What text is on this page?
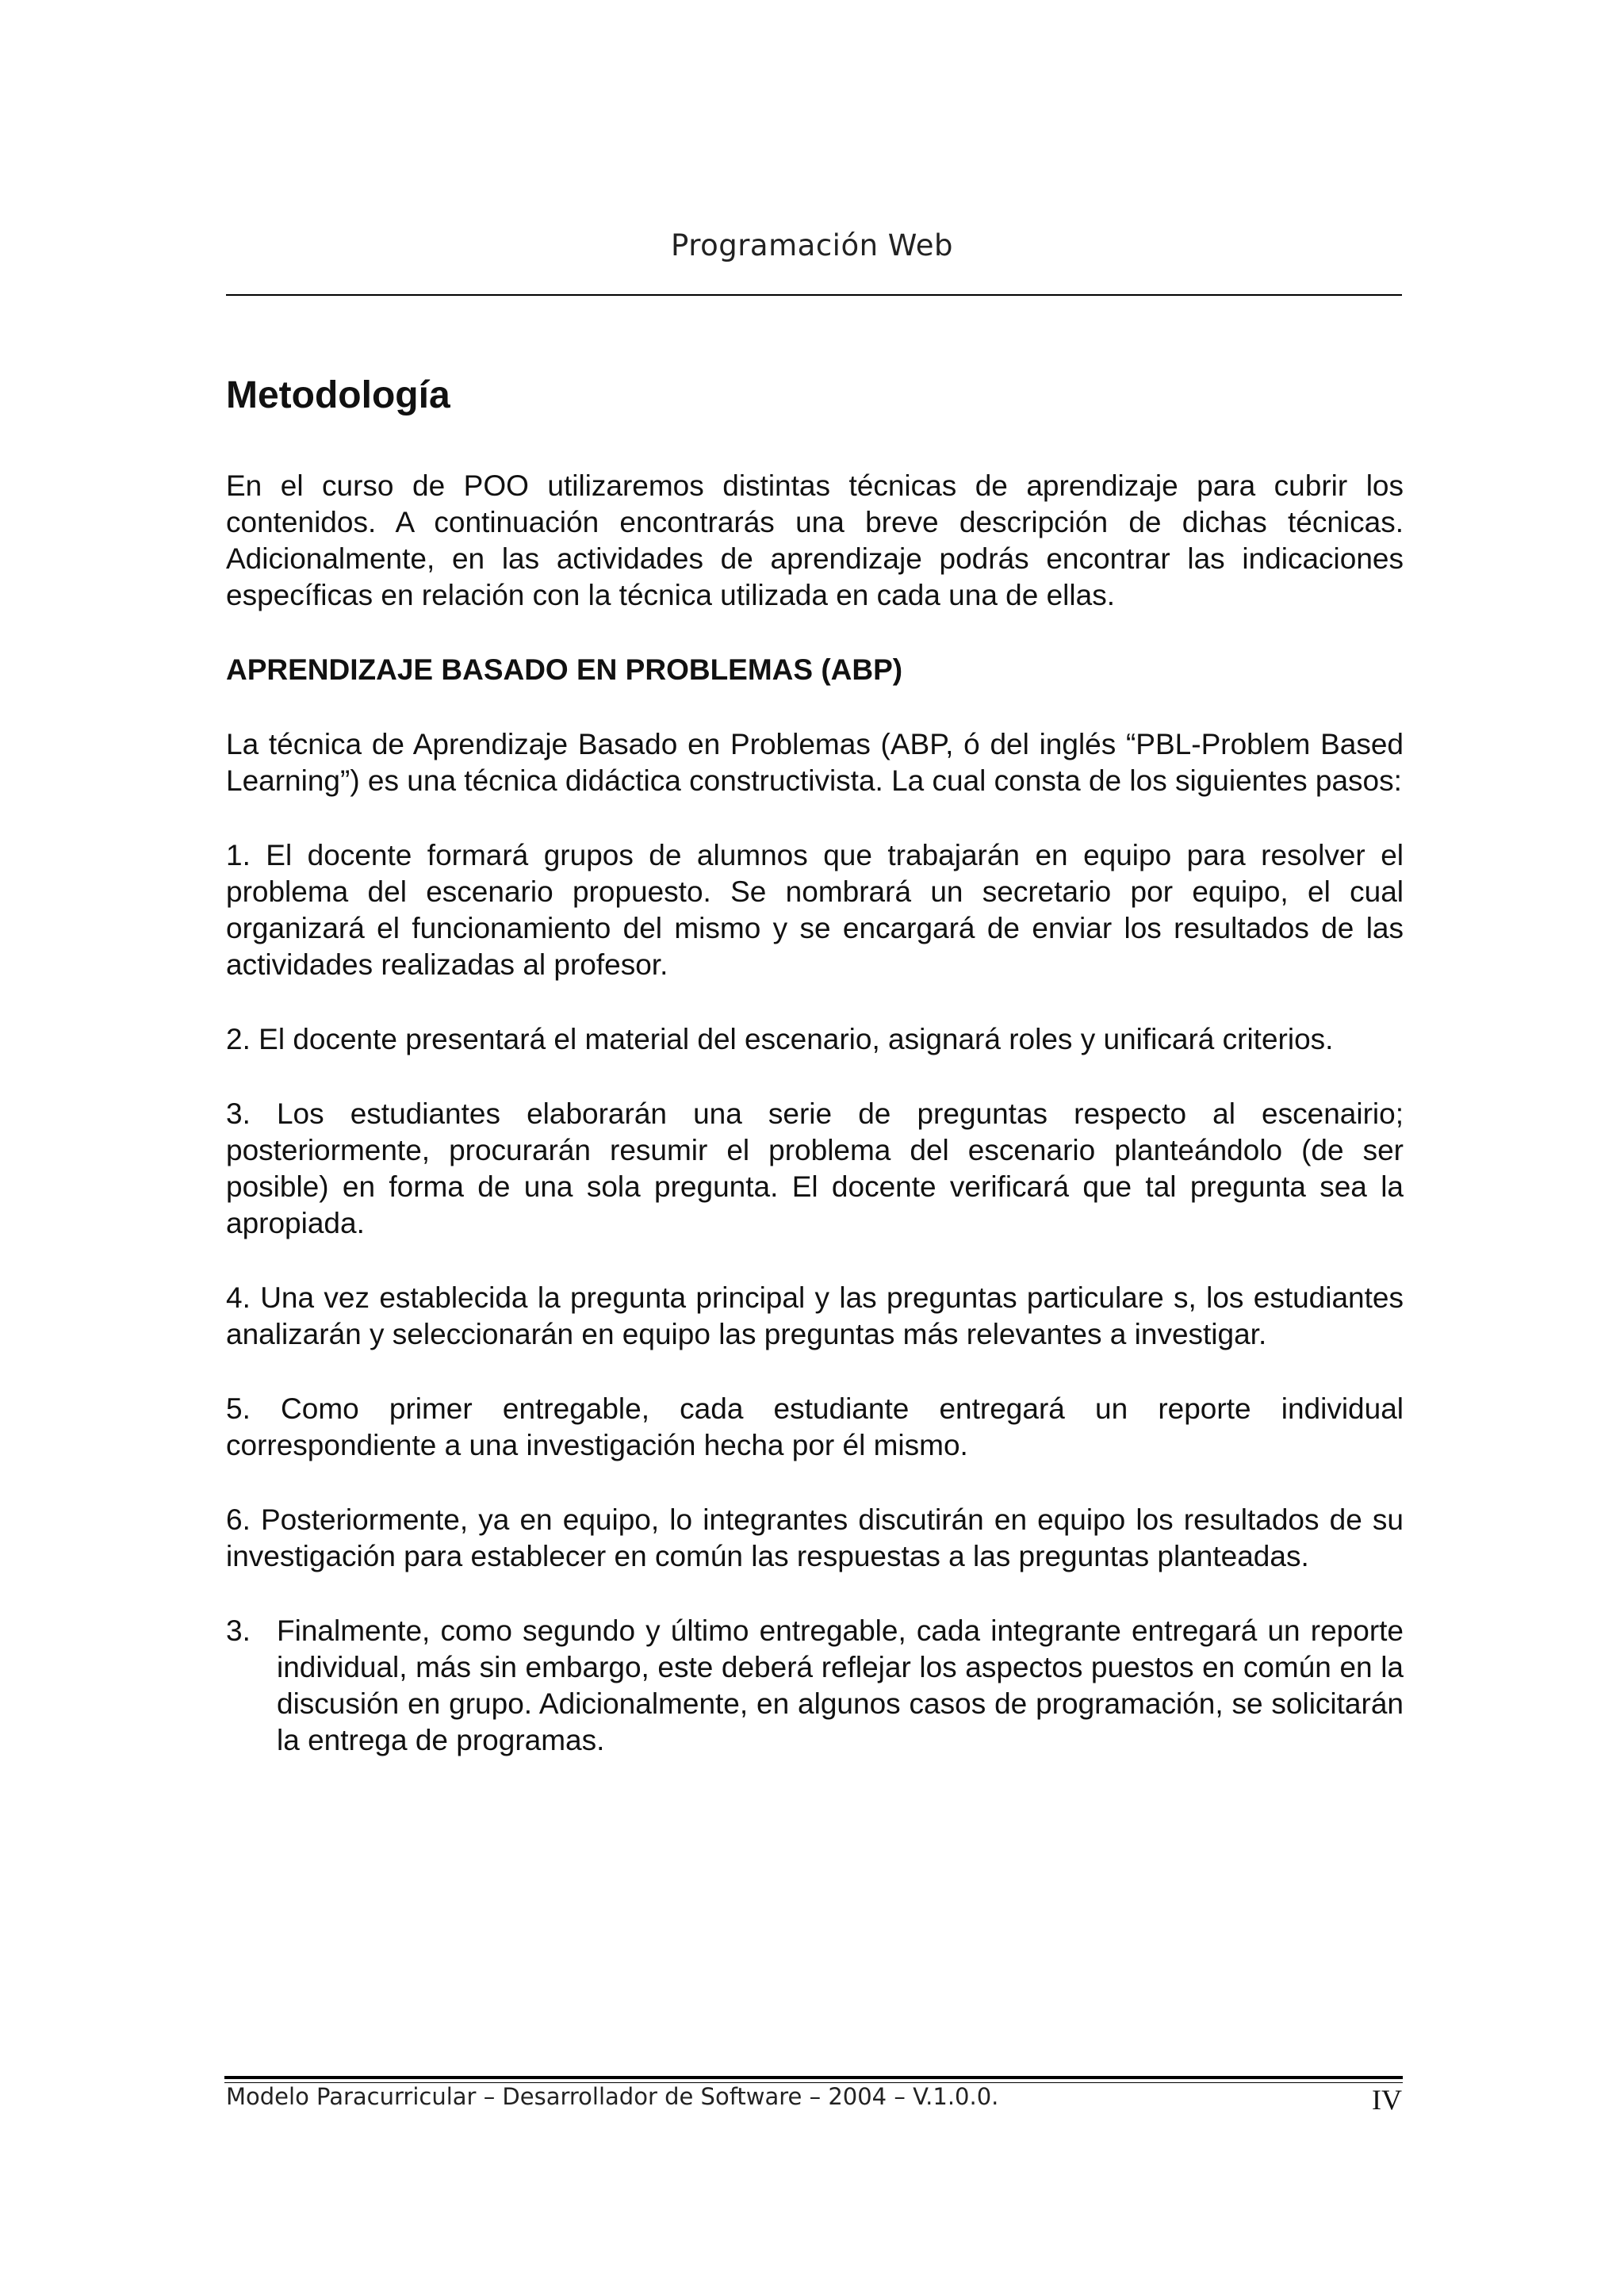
Programación Web
Metodología

En el curso de POO utilizaremos distintas técnicas de aprendizaje para cubrir los contenidos. A continuación encontrarás una breve descripción de dichas técnicas. Adicionalmente, en las actividades de aprendizaje podrás encontrar las indicaciones específicas en relación con la técnica utilizada en cada una de ellas.

APRENDIZAJE BASADO EN PROBLEMAS (ABP)

La técnica de Aprendizaje Basado en Problemas (ABP, ó del inglés “PBL-Problem Based Learning”) es una técnica didáctica constructivista. La cual consta de los siguientes pasos:

1. El docente formará grupos de alumnos que trabajarán en equipo para resolver el problema del escenario propuesto. Se nombrará un secretario por equipo, el cual organizará el funcionamiento del mismo y se encargará de enviar los resultados de las actividades realizadas al profesor.

2. El docente presentará el material del escenario, asignará roles y unificará criterios.

3. Los estudiantes elaborarán una serie de preguntas respecto al escenairio; posteriormente, procurarán resumir el problema del escenario planteándolo (de ser posible) en forma de una sola pregunta. El docente verificará que tal pregunta sea la apropiada.

4. Una vez establecida la pregunta principal y las preguntas particulare s, los estudiantes analizarán y seleccionarán en equipo las preguntas más relevantes a investigar.

5. Como primer entregable, cada estudiante entregará un reporte individual correspondiente a una investigación hecha por él mismo.

6. Posteriormente, ya en equipo, lo integrantes discutirán en equipo los resultados de su investigación para establecer en común las respuestas a las preguntas planteadas.

3. Finalmente, como segundo y último entregable, cada integrante entregará un reporte individual, más sin embargo, este deberá reflejar los aspectos puestos en común en la discusión en grupo. Adicionalmente, en algunos casos de programación, se solicitarán la entrega de programas.
Modelo Paracurricular – Desarrollador de Software – 2004 – V.1.0.0.	IV
